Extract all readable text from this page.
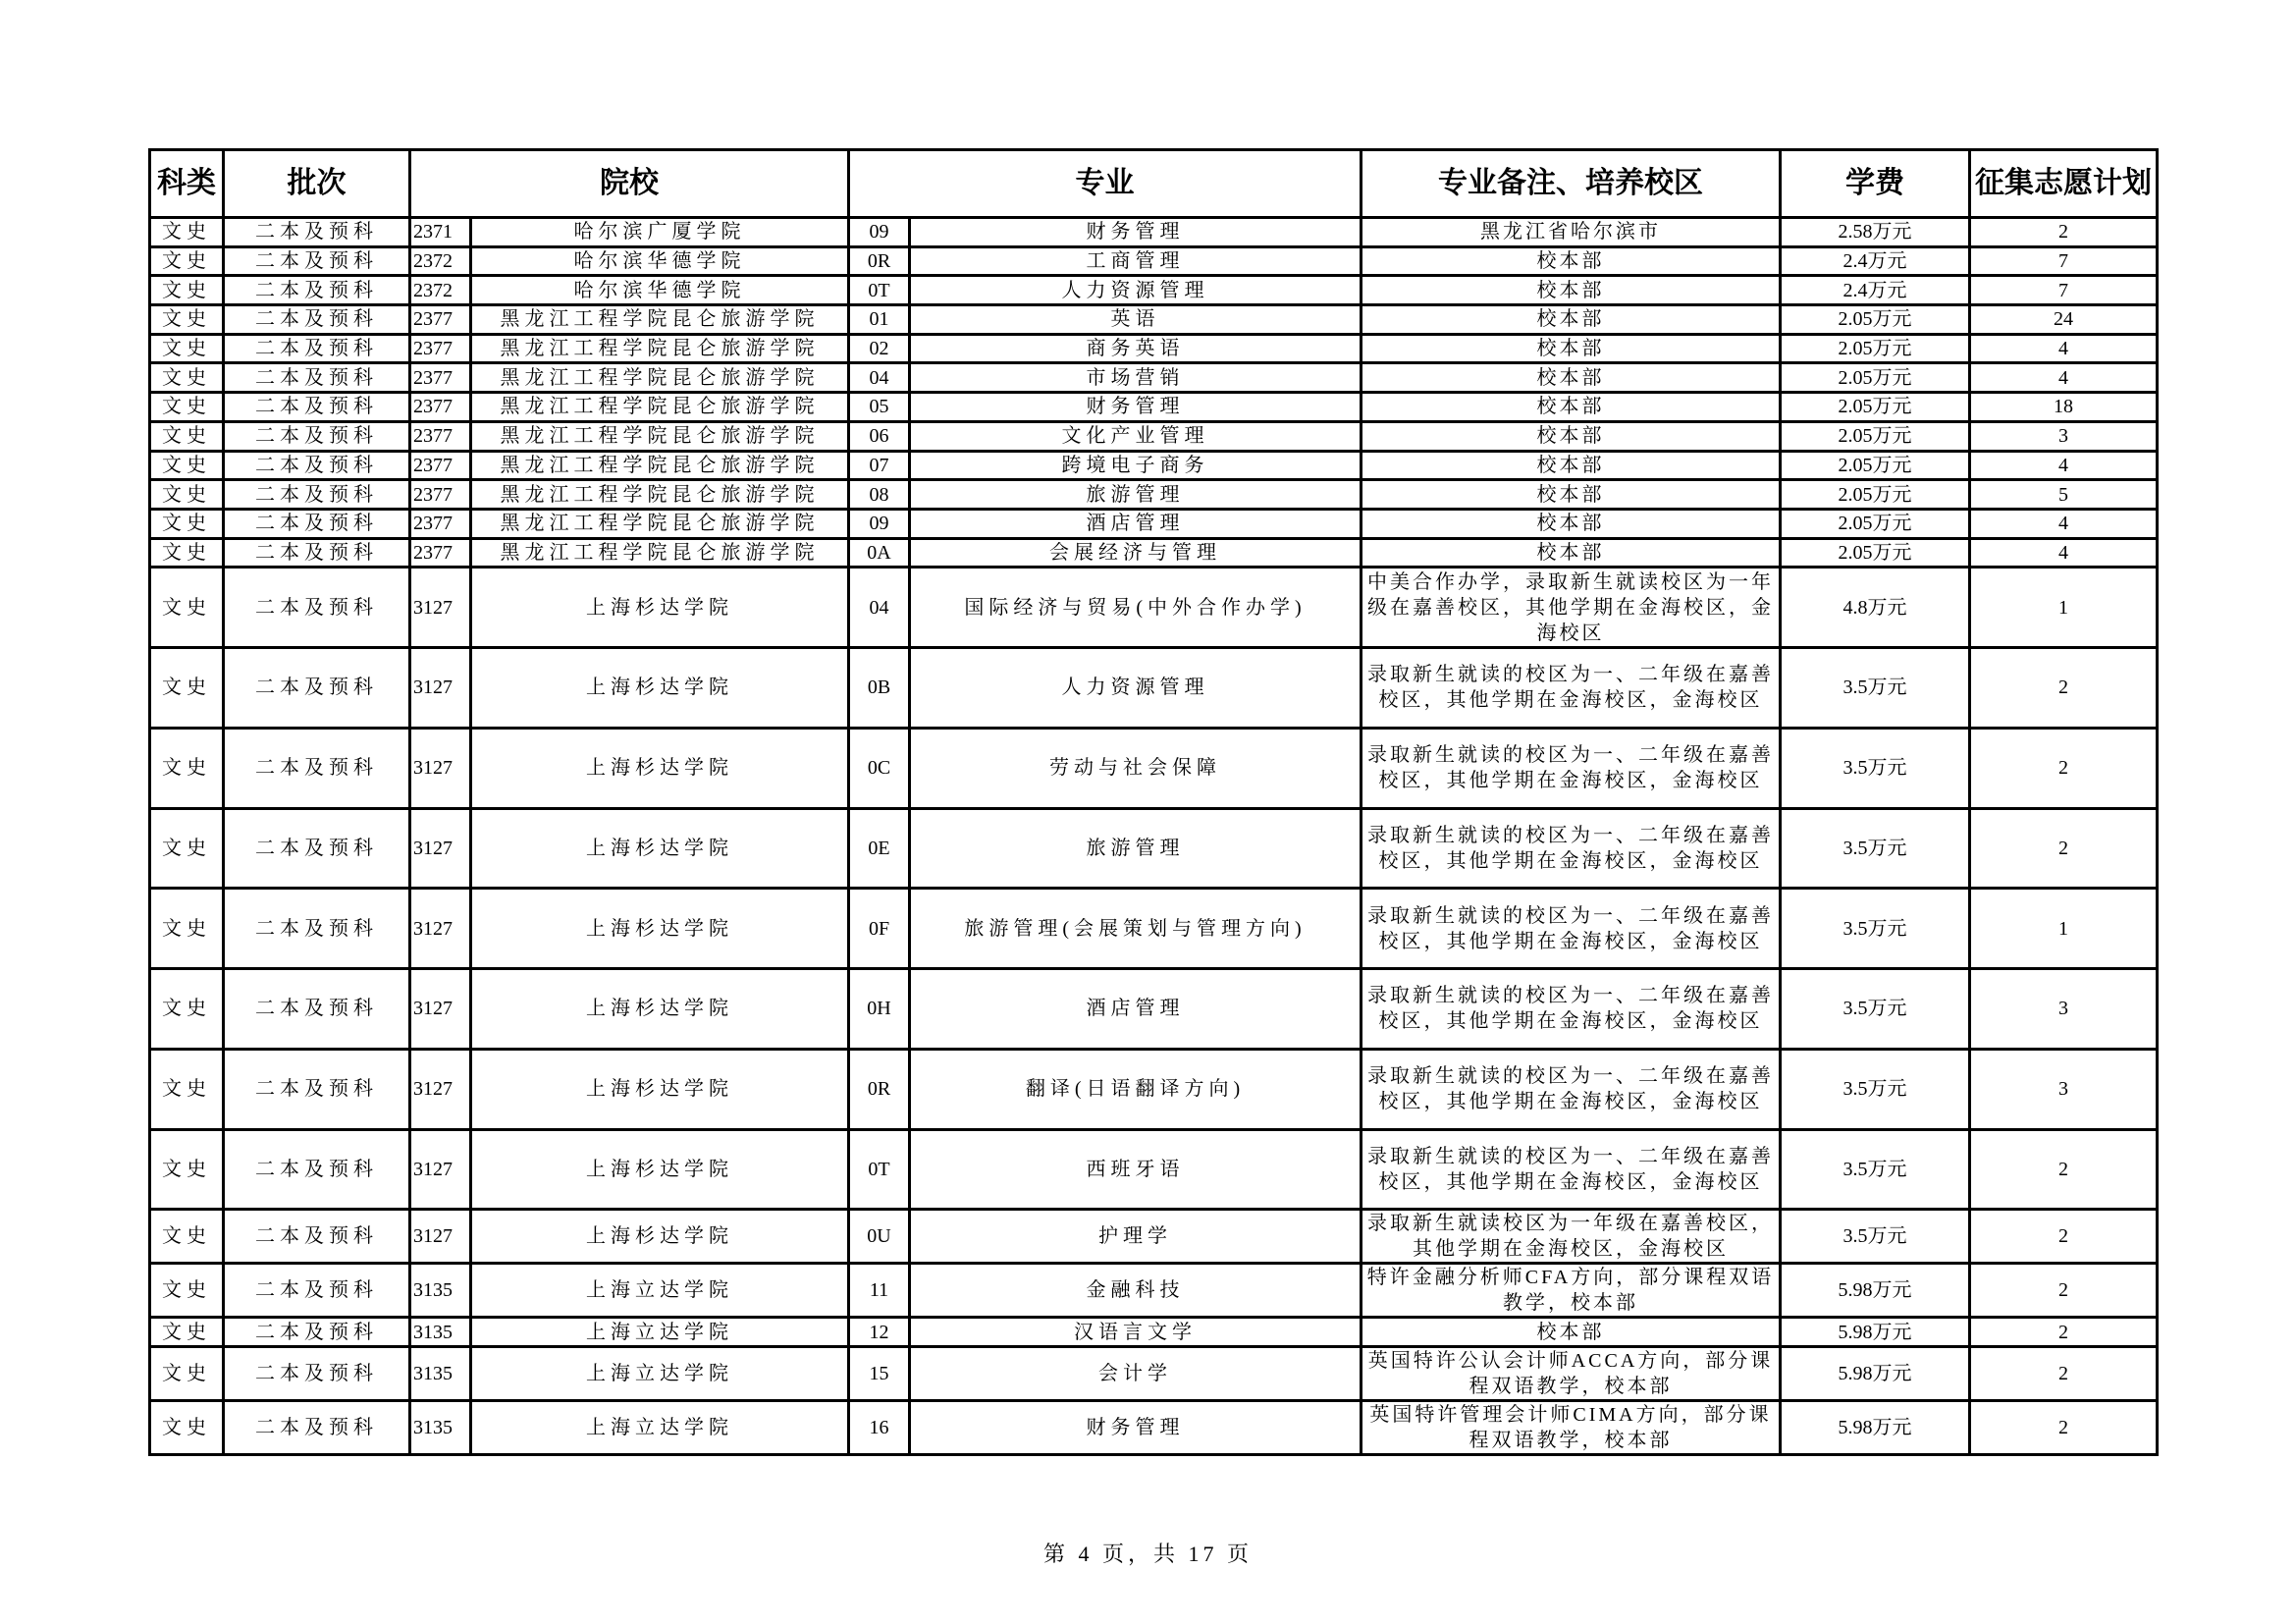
科类	批次	院校		专业		专业备注、培养校区	学费	征集志愿计划
文史	二本及预科	2371	哈尔滨广厦学院	09	财务管理	黑龙江省哈尔滨市	2.58万元	2
文史	二本及预科	2372	哈尔滨华德学院	0R	工商管理	校本部	2.4万元	7
文史	二本及预科	2372	哈尔滨华德学院	0T	人力资源管理	校本部	2.4万元	7
文史	二本及预科	2377	黑龙江工程学院昆仑旅游学院	01	英语	校本部	2.05万元	24
文史	二本及预科	2377	黑龙江工程学院昆仑旅游学院	02	商务英语	校本部	2.05万元	4
文史	二本及预科	2377	黑龙江工程学院昆仑旅游学院	04	市场营销	校本部	2.05万元	4
文史	二本及预科	2377	黑龙江工程学院昆仑旅游学院	05	财务管理	校本部	2.05万元	18
文史	二本及预科	2377	黑龙江工程学院昆仑旅游学院	06	文化产业管理	校本部	2.05万元	3
文史	二本及预科	2377	黑龙江工程学院昆仑旅游学院	07	跨境电子商务	校本部	2.05万元	4
文史	二本及预科	2377	黑龙江工程学院昆仑旅游学院	08	旅游管理	校本部	2.05万元	5
文史	二本及预科	2377	黑龙江工程学院昆仑旅游学院	09	酒店管理	校本部	2.05万元	4
文史	二本及预科	2377	黑龙江工程学院昆仑旅游学院	0A	会展经济与管理	校本部	2.05万元	4
文史	二本及预科	3127	上海杉达学院	04	国际经济与贸易(中外合作办学)	中美合作办学，录取新生就读校区为一年级在嘉善校区，其他学期在金海校区，金海校区	4.8万元	1
文史	二本及预科	3127	上海杉达学院	0B	人力资源管理	录取新生就读的校区为一、二年级在嘉善校区，其他学期在金海校区，金海校区	3.5万元	2
文史	二本及预科	3127	上海杉达学院	0C	劳动与社会保障	录取新生就读的校区为一、二年级在嘉善校区，其他学期在金海校区，金海校区	3.5万元	2
文史	二本及预科	3127	上海杉达学院	0E	旅游管理	录取新生就读的校区为一、二年级在嘉善校区，其他学期在金海校区，金海校区	3.5万元	2
文史	二本及预科	3127	上海杉达学院	0F	旅游管理(会展策划与管理方向)	录取新生就读的校区为一、二年级在嘉善校区，其他学期在金海校区，金海校区	3.5万元	1
文史	二本及预科	3127	上海杉达学院	0H	酒店管理	录取新生就读的校区为一、二年级在嘉善校区，其他学期在金海校区，金海校区	3.5万元	3
文史	二本及预科	3127	上海杉达学院	0R	翻译(日语翻译方向)	录取新生就读的校区为一、二年级在嘉善校区，其他学期在金海校区，金海校区	3.5万元	3
文史	二本及预科	3127	上海杉达学院	0T	西班牙语	录取新生就读的校区为一、二年级在嘉善校区，其他学期在金海校区，金海校区	3.5万元	2
文史	二本及预科	3127	上海杉达学院	0U	护理学	录取新生就读校区为一年级在嘉善校区，其他学期在金海校区，金海校区	3.5万元	2
文史	二本及预科	3135	上海立达学院	11	金融科技	特许金融分析师CFA方向，部分课程双语教学，校本部	5.98万元	2
文史	二本及预科	3135	上海立达学院	12	汉语言文学	校本部	5.98万元	2
文史	二本及预科	3135	上海立达学院	15	会计学	英国特许公认会计师ACCA方向，部分课程双语教学，校本部	5.98万元	2
文史	二本及预科	3135	上海立达学院	16	财务管理	英国特许管理会计师CIMA方向，部分课程双语教学，校本部	5.98万元	2
第 4 页，共 17 页
